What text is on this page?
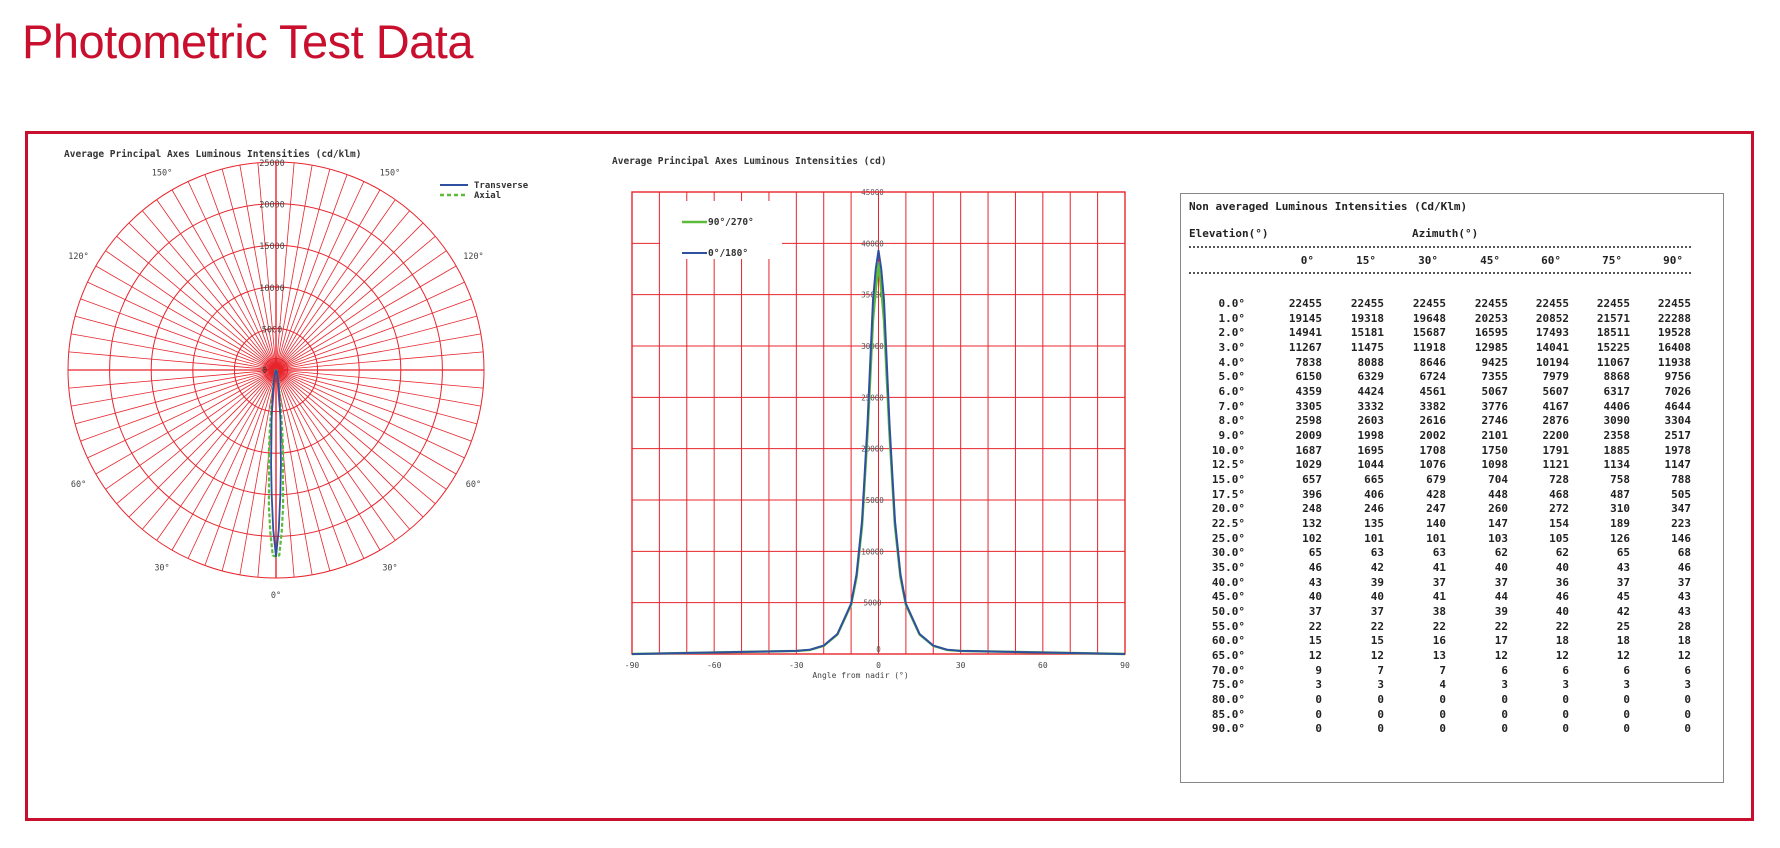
Photometric Test Data
Average Principal Axes Luminous Intensities (cd/klm)
5000
10000
15000
20000
25000
0
0°
30°	30°
60°	60°
120°	120°
150°	150°
Transverse
Axial
Average Principal Axes Luminous Intensities (cd)
5000
10000
15000
20000
25000
30000
35000
40000
45000
-90	-60	-30	0	30	60	90
0
Angle from nadir (°)
90°/270°
0°/180°
Non averaged Luminous Intensities (Cd/Klm)
Elevation(°)	Azimuth(°)
0°	15°	30°	45°	60°	75°	90°
0.0°	22455	22455	22455	22455	22455	22455	22455
1.0°	19145	19318	19648	20253	20852	21571	22288
2.0°	14941	15181	15687	16595	17493	18511	19528
3.0°	11267	11475	11918	12985	14041	15225	16408
4.0°	7838	8088	8646	9425	10194	11067	11938
5.0°	6150	6329	6724	7355	7979	8868	9756
6.0°	4359	4424	4561	5067	5607	6317	7026
7.0°	3305	3332	3382	3776	4167	4406	4644
8.0°	2598	2603	2616	2746	2876	3090	3304
9.0°	2009	1998	2002	2101	2200	2358	2517
10.0°	1687	1695	1708	1750	1791	1885	1978
12.5°	1029	1044	1076	1098	1121	1134	1147
15.0°	657	665	679	704	728	758	788
17.5°	396	406	428	448	468	487	505
20.0°	248	246	247	260	272	310	347
22.5°	132	135	140	147	154	189	223
25.0°	102	101	101	103	105	126	146
30.0°	65	63	63	62	62	65	68
35.0°	46	42	41	40	40	43	46
40.0°	43	39	37	37	36	37	37
45.0°	40	40	41	44	46	45	43
50.0°	37	37	38	39	40	42	43
55.0°	22	22	22	22	22	25	28
60.0°	15	15	16	17	18	18	18
65.0°	12	12	13	12	12	12	12
70.0°	9	7	7	6	6	6	6
75.0°	3	3	4	3	3	3	3
80.0°	0	0	0	0	0	0	0
85.0°	0	0	0	0	0	0	0
90.0°	0	0	0	0	0	0	0
